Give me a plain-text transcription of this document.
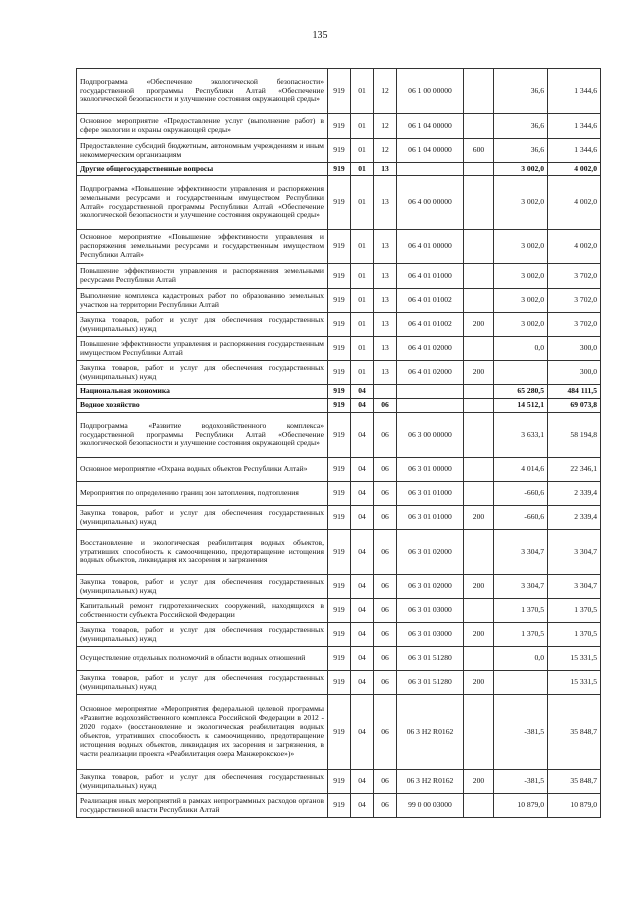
135
Подпрограмма «Обеспечение экологической безопасности» государственной программы Республики Алтай «Обеспечение экологической безопасности и улучшение состояния окружающей среды»	919	01	12	06 1 00 00000		36,6	1 344,6
Основное мероприятие «Предоставление услуг (выполнение работ) в сфере экологии и охраны окружающей среды»	919	01	12	06 1 04 00000		36,6	1 344,6
Предоставление субсидий бюджетным, автономным учреждениям и иным некоммерческим организациям	919	01	12	06 1 04 00000	600	36,6	1 344,6
Другие общегосударственные вопросы	919	01	13			3 002,0	4 002,0
Подпрограмма «Повышение эффективности управления и распоряжения земельными ресурсами и государственным имуществом Республики Алтай» государственной программы Республики Алтай «Обеспечение экологической безопасности и улучшение состояния окружающей среды»	919	01	13	06 4 00 00000		3 002,0	4 002,0
Основное мероприятие «Повышение эффективности управления и распоряжения земельными ресурсами и государственным имуществом Республики Алтай»	919	01	13	06 4 01 00000		3 002,0	4 002,0
Повышение эффективности управления и распоряжения земельными ресурсами Республики Алтай	919	01	13	06 4 01 01000		3 002,0	3 702,0
Выполнение комплекса кадастровых работ по образованию земельных участков на территории Республики Алтай	919	01	13	06 4 01 01002		3 002,0	3 702,0
Закупка товаров, работ и услуг для обеспечения государственных (муниципальных) нужд	919	01	13	06 4 01 01002	200	3 002,0	3 702,0
Повышение эффективности управления и распоряжения государственным имуществом Республики Алтай	919	01	13	06 4 01 02000		0,0	300,0
Закупка товаров, работ и услуг для обеспечения государственных (муниципальных) нужд	919	01	13	06 4 01 02000	200		300,0
Национальная экономика	919	04				65 280,5	484 111,5
Водное хозяйство	919	04	06			14 512,1	69 073,8
Подпрограмма «Развитие водохозяйственного комплекса» государственной программы Республики Алтай «Обеспечение экологической безопасности и улучшение состояния окружающей среды»	919	04	06	06 3 00 00000		3 633,1	58 194,8
Основное мероприятие «Охрана водных объектов Республики Алтай»	919	04	06	06 3 01 00000		4 014,6	22 346,1
Мероприятия по определению границ зон затопления, подтопления	919	04	06	06 3 01 01000		-660,6	2 339,4
Закупка товаров, работ и услуг для обеспечения государственных (муниципальных) нужд	919	04	06	06 3 01 01000	200	-660,6	2 339,4
Восстановление и экологическая реабилитация водных объектов, утративших способность к самоочищению, предотвращение истощения водных объектов, ликвидация их засорения и загрязнения	919	04	06	06 3 01 02000		3 304,7	3 304,7
Закупка товаров, работ и услуг для обеспечения государственных (муниципальных) нужд	919	04	06	06 3 01 02000	200	3 304,7	3 304,7
Капитальный ремонт гидротехнических сооружений, находящихся в собственности субъекта Российской Федерации	919	04	06	06 3 01 03000		1 370,5	1 370,5
Закупка товаров, работ и услуг для обеспечения государственных (муниципальных) нужд	919	04	06	06 3 01 03000	200	1 370,5	1 370,5
Осуществление отдельных полномочий в области водных отношений	919	04	06	06 3 01 51280		0,0	15 331,5
Закупка товаров, работ и услуг для обеспечения государственных (муниципальных) нужд	919	04	06	06 3 01 51280	200		15 331,5
Основное мероприятие «Мероприятия федеральной целевой программы «Развитие водохозяйственного комплекса Российской Федерации в 2012 - 2020 годах» (восстановление и экологическая реабилитация водных объектов, утративших способность к самоочищению, предотвращение истощения водных объектов, ликвидация их засорения и загрязнения, в части реализации проекта «Реабилитация озера Манжерокское»)»	919	04	06	06 3 Н2 R0162		-381,5	35 848,7
Закупка товаров, работ и услуг для обеспечения государственных (муниципальных) нужд	919	04	06	06 3 Н2 R0162	200	-381,5	35 848,7
Реализация иных мероприятий в рамках непрограммных расходов органов государственной власти Республики Алтай	919	04	06	99 0 00 03000		10 879,0	10 879,0
